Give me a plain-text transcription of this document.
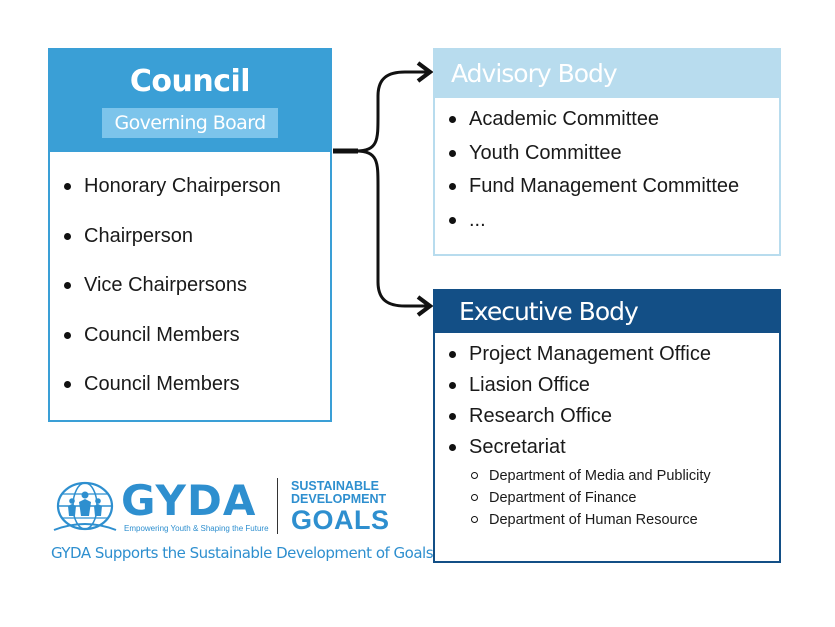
Council
Governing Board
Honorary Chairperson
Chairperson
Vice Chairpersons
Council Members
Council Members
Advisory Body
Academic Committee
Youth Committee
Fund Management Committee
...
Executive Body
Project Management Office
Liasion Office
Research Office
Secretariat
Department of Media and Publicity
Department of Finance
Department of Human Resource
GYDA
Empowering Youth & Shaping the Future
SUSTAINABLE
DEVELOPMENT
GOALS
GYDA Supports the Sustainable Development of Goals
